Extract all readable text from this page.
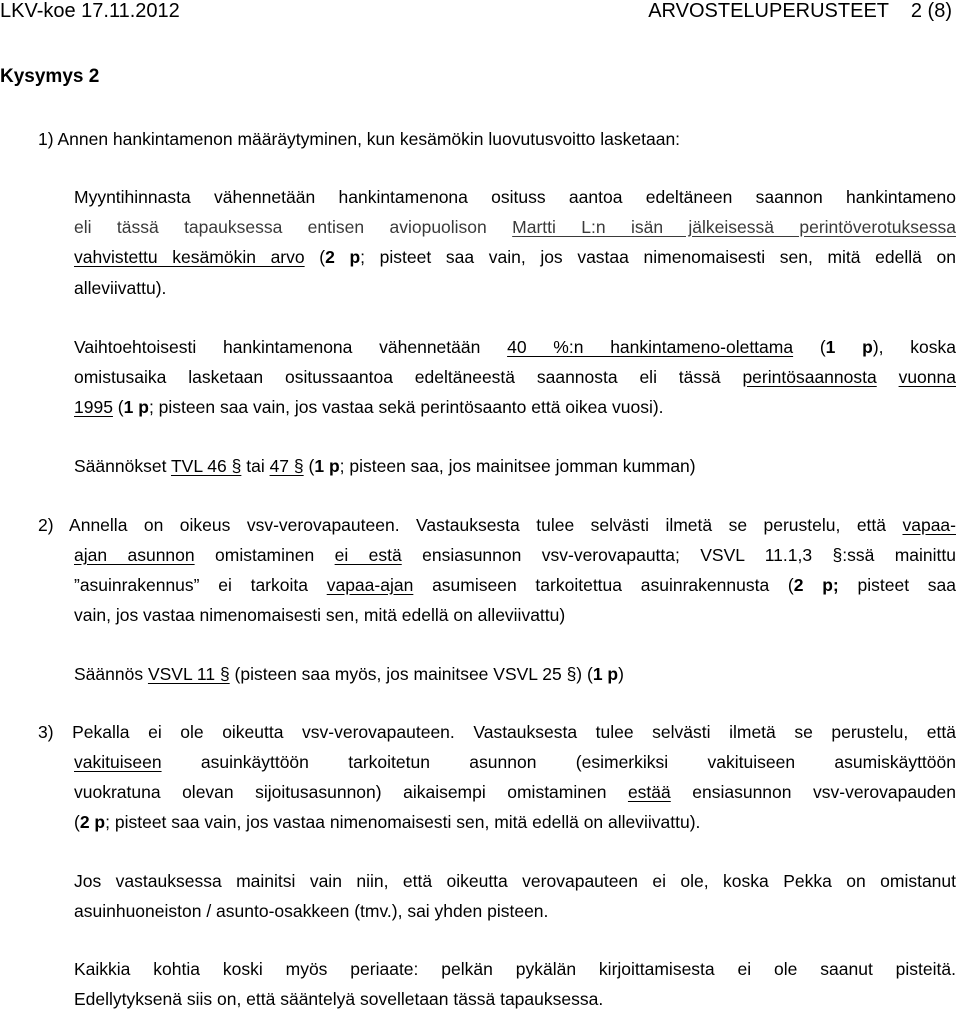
LKV-koe 17.11.2012	ARVOSTELUPERUSTEET    2 (8)
Kysymys 2
1) Annen hankintamenon määräytyminen, kun kesämökin luovutusvoitto lasketaan:
Myyntihinnasta vähennetään hankintamenona osituss aantoa edeltäneen saannon hankintameno
eli tässä tapauksessa entisen aviopuolison Martti L:n isän jälkeisessä perintöverotuksessa
vahvistettu kesämökin arvo (2 p; pisteet saa vain, jos vastaa nimenomaisesti sen, mitä edellä on
alleviivattu).
Vaihtoehtoisesti hankintamenona vähennetään 40 %:n hankintameno-olettama (1 p), koska
omistusaika lasketaan ositussaantoa edeltäneestä saannosta eli tässä perintösaannosta vuonna
1995 (1 p; pisteen saa vain, jos vastaa sekä perintösaanto että oikea vuosi).
Säännökset TVL 46 § tai 47 § (1 p; pisteen saa, jos mainitsee jomman kumman)
2) Annella on oikeus vsv-verovapauteen. Vastauksesta tulee selvästi ilmetä se perustelu, että vapaa-
ajan asunnon omistaminen ei estä ensiasunnon vsv-verovapautta; VSVL 11.1,3 §:ssä mainittu
”asuinrakennus” ei tarkoita vapaa-ajan asumiseen tarkoitettua asuinrakennusta (2 p; pisteet saa
vain, jos vastaa nimenomaisesti sen, mitä edellä on alleviivattu)
Säännös VSVL 11 § (pisteen saa myös, jos mainitsee VSVL 25 §) (1 p)
3) Pekalla ei ole oikeutta vsv-verovapauteen. Vastauksesta tulee selvästi ilmetä se perustelu, että
vakituiseen asuinkäyttöön tarkoitetun asunnon (esimerkiksi vakituiseen asumiskäyttöön
vuokratuna olevan sijoitusasunnon) aikaisempi omistaminen estää ensiasunnon vsv-verovapauden
(2 p; pisteet saa vain, jos vastaa nimenomaisesti sen, mitä edellä on alleviivattu).
Jos vastauksessa mainitsi vain niin, että oikeutta verovapauteen ei ole, koska Pekka on omistanut
asuinhuoneiston / asunto-osakkeen (tmv.), sai yhden pisteen.
Kaikkia kohtia koski myös periaate: pelkän pykälän kirjoittamisesta ei ole saanut pisteitä.
Edellytyksenä siis on, että sääntelyä sovelletaan tässä tapauksessa.
